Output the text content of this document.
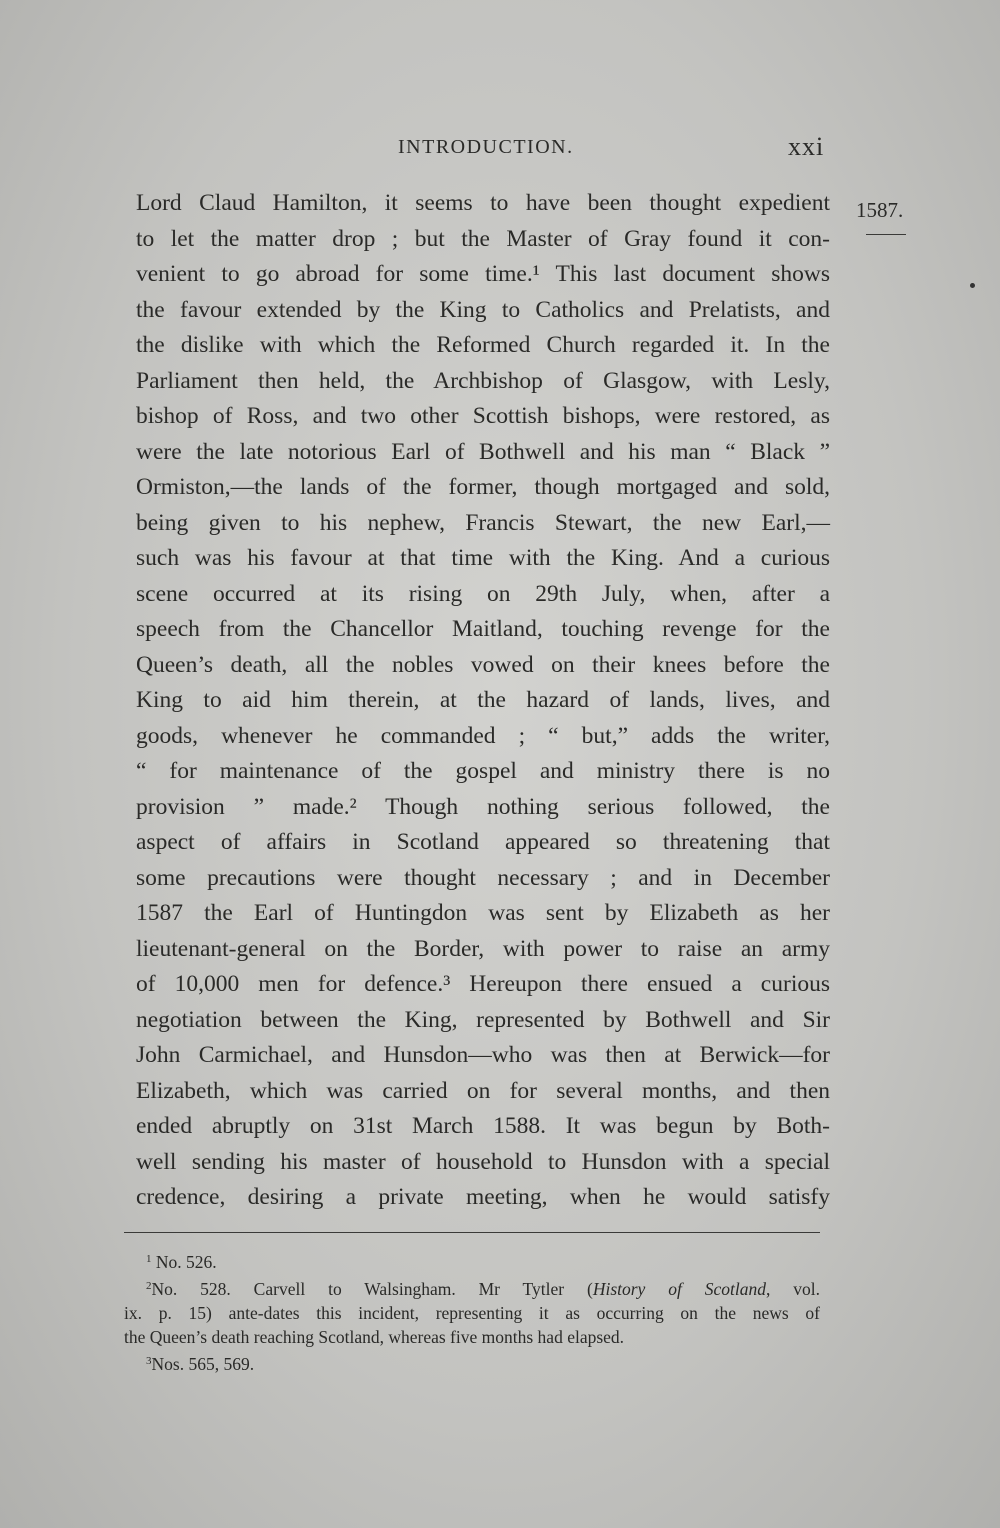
INTRODUCTION.	xxi
1587.
Lord Claud Hamilton, it seems to have been thought expedient
to let the matter drop ; but the Master of Gray found it con-
venient to go abroad for some time.¹ This last document shows
the favour extended by the King to Catholics and Prelatists, and
the dislike with which the Reformed Church regarded it. In the
Parliament then held, the Archbishop of Glasgow, with Lesly,
bishop of Ross, and two other Scottish bishops, were restored, as
were the late notorious Earl of Bothwell and his man “ Black ”
Ormiston,—the lands of the former, though mortgaged and sold,
being given to his nephew, Francis Stewart, the new Earl,—
such was his favour at that time with the King. And a curious
scene occurred at its rising on 29th July, when, after a
speech from the Chancellor Maitland, touching revenge for the
Queen’s death, all the nobles vowed on their knees before the
King to aid him therein, at the hazard of lands, lives, and
goods, whenever he commanded ; “ but,” adds the writer,
“ for maintenance of the gospel and ministry there is no
provision ” made.² Though nothing serious followed, the
aspect of affairs in Scotland appeared so threatening that
some precautions were thought necessary ; and in December
1587 the Earl of Huntingdon was sent by Elizabeth as her
lieutenant-general on the Border, with power to raise an army
of 10,000 men for defence.³ Hereupon there ensued a curious
negotiation between the King, represented by Bothwell and Sir
John Carmichael, and Hunsdon—who was then at Berwick—for
Elizabeth, which was carried on for several months, and then
ended abruptly on 31st March 1588. It was begun by Both-
well sending his master of household to Hunsdon with a special
credence, desiring a private meeting, when he would satisfy
$^1$ No. 526.
$^2$No. 528. Carvell to Walsingham. Mr Tytler (History of Scotland, vol.
ix. p. 15) ante-dates this incident, representing it as occurring on the news of
the Queen’s death reaching Scotland, whereas five months had elapsed.
$^3$Nos. 565, 569.
